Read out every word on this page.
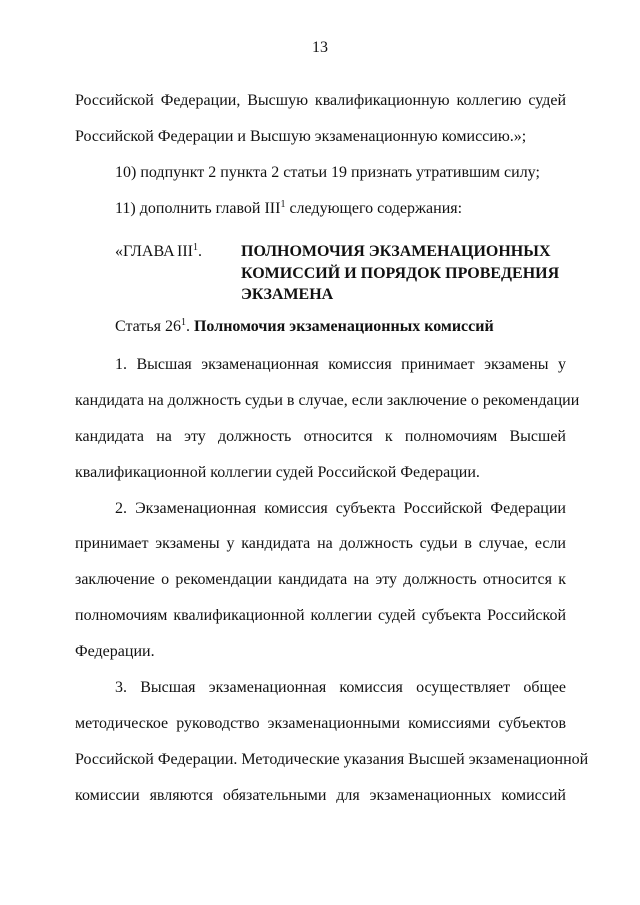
13
Российской Федерации, Высшую квалификационную коллегию судей
Российской Федерации и Высшую экзаменационную комиссию.»;
10) подпункт 2 пункта 2 статьи 19 признать утратившим силу;
11) дополнить главой III$^1$ следующего содержания:
«ГЛАВА III$^1$. ПОЛНОМОЧИЯ ЭКЗАМЕНАЦИОННЫХ
КОМИССИЙ И ПОРЯДОК ПРОВЕДЕНИЯ
ЭКЗАМЕНА
Статья $26^1$. Полномочия экзаменационных комиссий
1. Высшая экзаменационная комиссия принимает экзамены у
кандидата на должность судьи в случае, если заключение о рекомендации
кандидата на эту должность относится к полномочиям Высшей
квалификационной коллегии судей Российской Федерации.
2. Экзаменационная комиссия субъекта Российской Федерации
принимает экзамены у кандидата на должность судьи в случае, если
заключение о рекомендации кандидата на эту должность относится к
полномочиям квалификационной коллегии судей субъекта Российской
Федерации.
3. Высшая экзаменационная комиссия осуществляет общее
методическое руководство экзаменационными комиссиями субъектов
Российской Федерации. Методические указания Высшей экзаменационной
комиссии являются обязательными для экзаменационных комиссий
